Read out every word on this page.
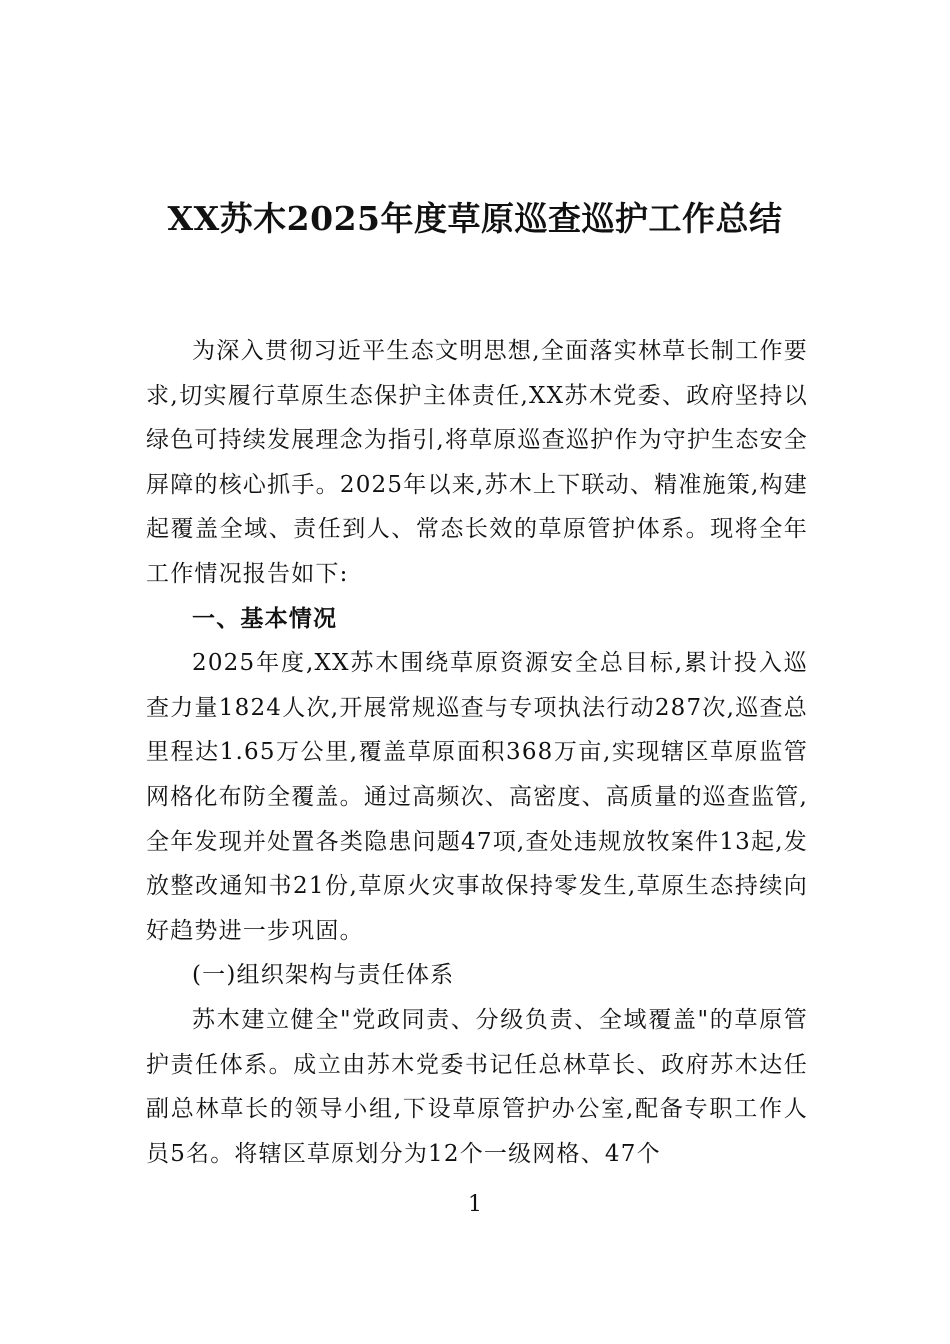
XX苏木2025年度草原巡查巡护工作总结

为深入贯彻习近平生态文明思想,全面落实林草长制工作要求,切实履行草原生态保护主体责任,XX苏木党委、政府坚持以绿色可持续发展理念为指引,将草原巡查巡护作为守护生态安全屏障的核心抓手。2025年以来,苏木上下联动、精准施策,构建起覆盖全域、责任到人、常态长效的草原管护体系。现将全年工作情况报告如下:

一、基本情况

2025年度,XX苏木围绕草原资源安全总目标,累计投入巡查力量1824人次,开展常规巡查与专项执法行动287次,巡查总里程达1.65万公里,覆盖草原面积368万亩,实现辖区草原监管网格化布防全覆盖。通过高频次、高密度、高质量的巡查监管,全年发现并处置各类隐患问题47项,查处违规放牧案件13起,发放整改通知书21份,草原火灾事故保持零发生,草原生态持续向好趋势进一步巩固。

(一)组织架构与责任体系

苏木建立健全"党政同责、分级负责、全域覆盖"的草原管护责任体系。成立由苏木党委书记任总林草长、政府苏木达任副总林草长的领导小组,下设草原管护办公室,配备专职工作人员5名。将辖区草原划分为12个一级网格、47个

1
